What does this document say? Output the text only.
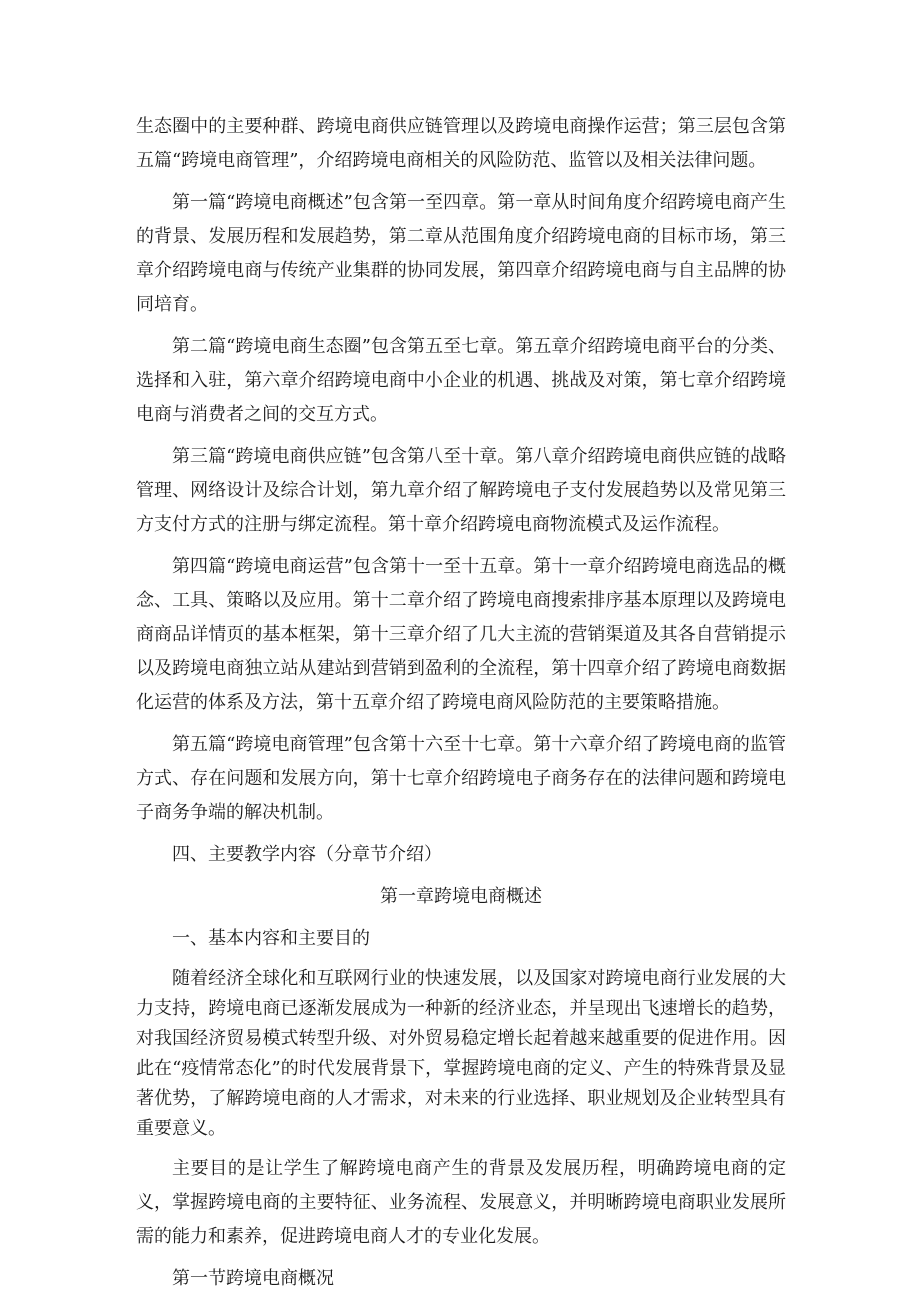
生态圈中的主要种群、跨境电商供应链管理以及跨境电商操作运营；第三层包含第五篇“跨境电商管理”，介绍跨境电商相关的风险防范、监管以及相关法律问题。

第一篇“跨境电商概述”包含第一至四章。第一章从时间角度介绍跨境电商产生的背景、发展历程和发展趋势，第二章从范围角度介绍跨境电商的目标市场，第三章介绍跨境电商与传统产业集群的协同发展，第四章介绍跨境电商与自主品牌的协同培育。

第二篇“跨境电商生态圈”包含第五至七章。第五章介绍跨境电商平台的分类、选择和入驻，第六章介绍跨境电商中小企业的机遇、挑战及对策，第七章介绍跨境电商与消费者之间的交互方式。

第三篇“跨境电商供应链”包含第八至十章。第八章介绍跨境电商供应链的战略管理、网络设计及综合计划，第九章介绍了解跨境电子支付发展趋势以及常见第三方支付方式的注册与绑定流程。第十章介绍跨境电商物流模式及运作流程。

第四篇“跨境电商运营”包含第十一至十五章。第十一章介绍跨境电商选品的概念、工具、策略以及应用。第十二章介绍了跨境电商搜索排序基本原理以及跨境电商商品详情页的基本框架，第十三章介绍了几大主流的营销渠道及其各自营销提示以及跨境电商独立站从建站到营销到盈利的全流程，第十四章介绍了跨境电商数据化运营的体系及方法，第十五章介绍了跨境电商风险防范的主要策略措施。

第五篇“跨境电商管理”包含第十六至十七章。第十六章介绍了跨境电商的监管方式、存在问题和发展方向，第十七章介绍跨境电子商务存在的法律问题和跨境电子商务争端的解决机制。

四、主要教学内容（分章节介绍）

第一章跨境电商概述

一、基本内容和主要目的

随着经济全球化和互联网行业的快速发展，以及国家对跨境电商行业发展的大力支持，跨境电商已逐渐发展成为一种新的经济业态，并呈现出飞速增长的趋势，对我国经济贸易模式转型升级、对外贸易稳定增长起着越来越重要的促进作用。因此在“疫情常态化”的时代发展背景下，掌握跨境电商的定义、产生的特殊背景及显著优势，了解跨境电商的人才需求，对未来的行业选择、职业规划及企业转型具有重要意义。

主要目的是让学生了解跨境电商产生的背景及发展历程，明确跨境电商的定义，掌握跨境电商的主要特征、业务流程、发展意义，并明晰跨境电商职业发展所需的能力和素养，促进跨境电商人才的专业化发展。

第一节跨境电商概况
